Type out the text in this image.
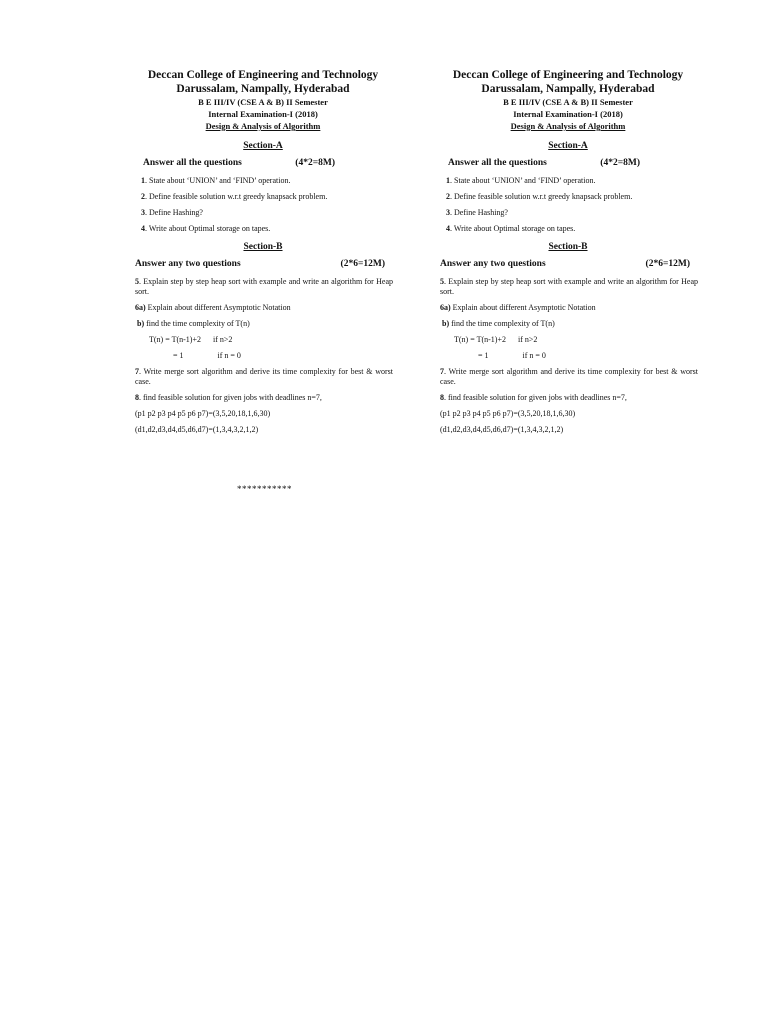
Deccan College of Engineering and Technology
Darussalam, Nampally, Hyderabad
B E III/IV (CSE A & B) II Semester
Internal Examination-I (2018)
Design & Analysis of Algorithm
Section-A
Answer all the questions	(4*2=8M)
1. State about ‘UNION’ and ‘FIND’ operation.
2. Define feasible solution w.r.t greedy knapsack problem.
3. Define Hashing?
4. Write about Optimal storage on tapes.
Section-B
Answer any two questions	(2*6=12M)
5. Explain step by step heap sort with example and write an algorithm for Heap sort.
6a) Explain about different Asymptotic Notation
b) find the time complexity of T(n)
T(n) = T(n-1)+2 if n>2
= 1	if n = 0
7. Write merge sort algorithm and derive its time complexity for best & worst case.
8. find feasible solution for given jobs with deadlines n=7,
(p1 p2 p3 p4 p5 p6 p7)=(3,5,20,18,1,6,30)
(d1,d2,d3,d4,d5,d6,d7)=(1,3,4,3,2,1,2)
Deccan College of Engineering and Technology
Darussalam, Nampally, Hyderabad
B E III/IV (CSE A & B) II Semester
Internal Examination-I (2018)
Design & Analysis of Algorithm
Section-A
Answer all the questions	(4*2=8M)
1. State about ‘UNION’ and ‘FIND’ operation.
2. Define feasible solution w.r.t greedy knapsack problem.
3. Define Hashing?
4. Write about Optimal storage on tapes.
Section-B
Answer any two questions	(2*6=12M)
5. Explain step by step heap sort with example and write an algorithm for Heap sort.
6a) Explain about different Asymptotic Notation
b) find the time complexity of T(n)
T(n) = T(n-1)+2 if n>2
= 1	if n = 0
7. Write merge sort algorithm and derive its time complexity for best & worst case.
8. find feasible solution for given jobs with deadlines n=7,
(p1 p2 p3 p4 p5 p6 p7)=(3,5,20,18,1,6,30)
(d1,d2,d3,d4,d5,d6,d7)=(1,3,4,3,2,1,2)
***********
